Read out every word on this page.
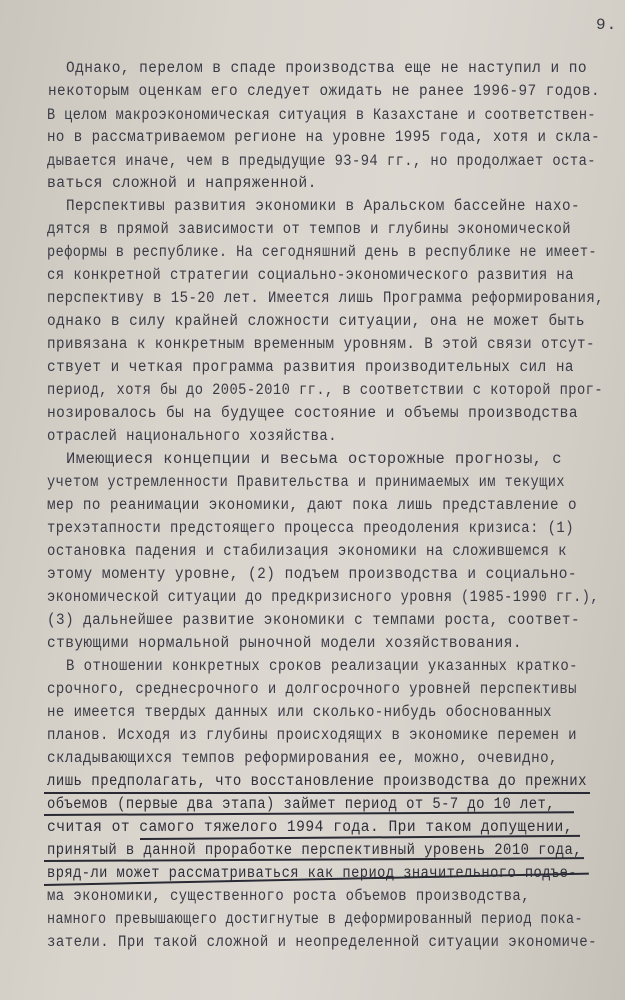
9.
Однако, перелом в спаде производства еще не наступил и по
некоторым оценкам его следует ожидать не ранее 1996-97 годов.
В целом макроэкономическая ситуация в Казахстане и соответствен-
но в рассматриваемом регионе на уровне 1995 года, хотя и скла-
дывается иначе, чем в предыдущие 93-94 гг., но продолжает оста-
ваться сложной и напряженной.
Перспективы развития экономики в Аральском бассейне нахо-
дятся в прямой зависимости от темпов и глубины экономической
реформы в республике. На сегодняшний день в республике не имеет-
ся конкретной стратегии социально-экономического развития на
перспективу в 15-20 лет. Имеется лишь Программа реформирования,
однако в силу крайней сложности ситуации, она не может быть
привязана к конкретным временным уровням. В этой связи отсут-
ствует и четкая программа развития производительных сил на
период, хотя бы до 2005-2010 гг., в соответствии с которой прог-
нозировалось бы на будущее состояние и объемы производства
отраслей национального хозяйства.
Имеющиеся концепции и весьма осторожные прогнозы, с
учетом устремленности Правительства и принимаемых им текущих
мер по реанимации экономики, дают пока лишь представление о
трехэтапности предстоящего процесса преодоления кризиса: (1)
остановка падения и стабилизация экономики на сложившемся к
этому моменту уровне, (2) подъем производства и социально-
экономической ситуации до предкризисного уровня (1985-1990 гг.),
(3) дальнейшее развитие экономики с темпами роста, соответ-
ствующими нормальной рыночной модели хозяйствования.
В отношении конкретных сроков реализации указанных кратко-
срочного, среднесрочного и долгосрочного уровней перспективы
не имеется твердых данных или сколько-нибудь обоснованных
планов. Исходя из глубины происходящих в экономике перемен и
складывающихся темпов реформирования ее, можно, очевидно,
лишь предполагать, что восстановление производства до прежних
объемов (первые два этапа) займет период от 5-7 до 10 лет,
считая от самого тяжелого 1994 года. При таком допущении,
принятый в данной проработке перспективный уровень 2010 года,
вряд-ли может рассматриваться как период значительного подъе-
ма экономики, существенного роста объемов производства,
намного превышающего достигнутые в деформированный период пока-
затели. При такой сложной и неопределенной ситуации экономиче-
